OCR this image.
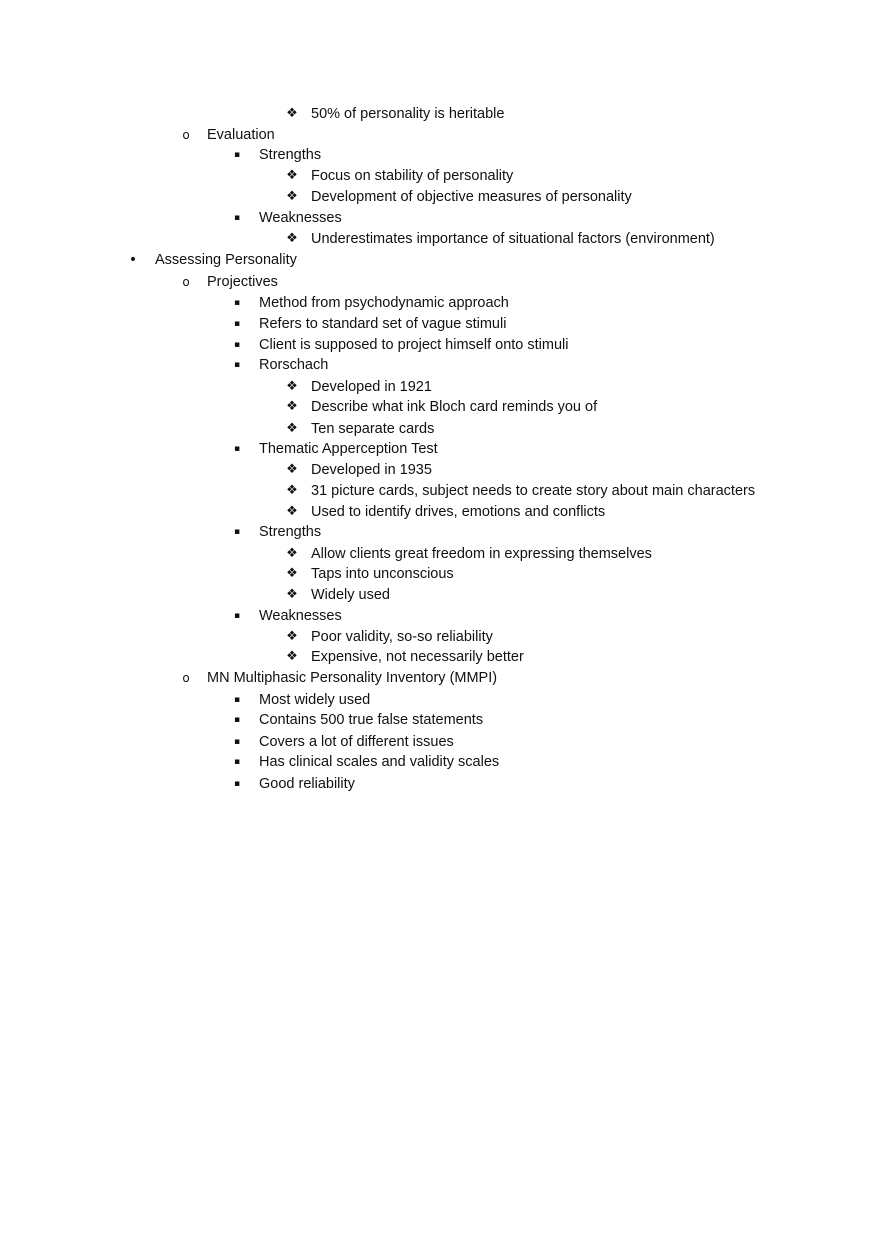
❖ 50% of personality is heritable
o Evaluation
▪ Strengths
❖ Focus on stability of personality
❖ Development of objective measures of personality
▪ Weaknesses
❖ Underestimates importance of situational factors (environment)
• Assessing Personality
o Projectives
▪ Method from psychodynamic approach
▪ Refers to standard set of vague stimuli
▪ Client is supposed to project himself onto stimuli
▪ Rorschach
❖ Developed in 1921
❖ Describe what ink Bloch card reminds you of
❖ Ten separate cards
▪ Thematic Apperception Test
❖ Developed in 1935
❖ 31 picture cards, subject needs to create story about main characters
❖ Used to identify drives, emotions and conflicts
▪ Strengths
❖ Allow clients great freedom in expressing themselves
❖ Taps into unconscious
❖ Widely used
▪ Weaknesses
❖ Poor validity, so-so reliability
❖ Expensive, not necessarily better
o MN Multiphasic Personality Inventory (MMPI)
▪ Most widely used
▪ Contains 500 true false statements
▪ Covers a lot of different issues
▪ Has clinical scales and validity scales
▪ Good reliability
